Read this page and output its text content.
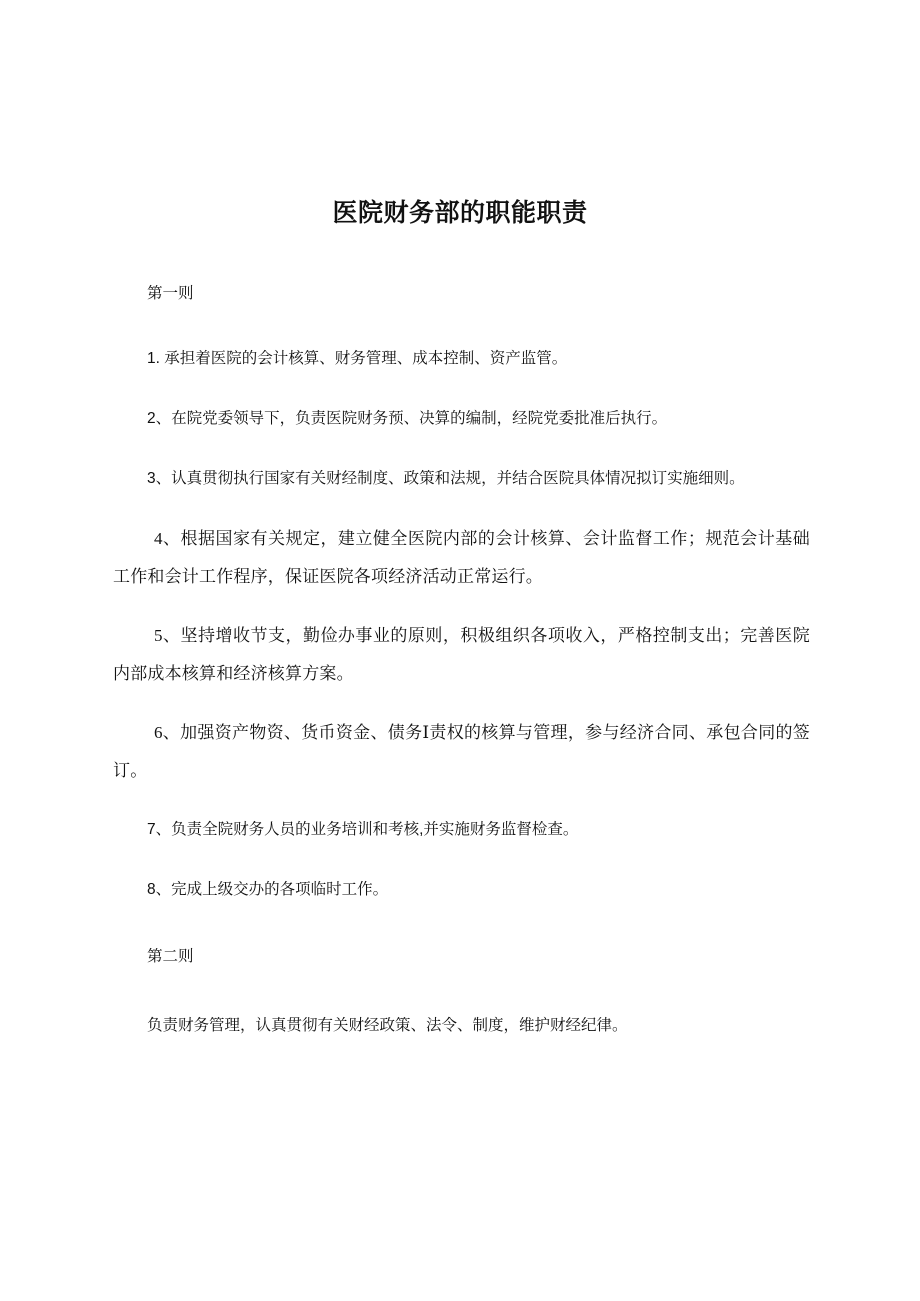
医院财务部的职能职责

第一则

1. 承担着医院的会计核算、财务管理、成本控制、资产监管。

2、在院党委领导下，负责医院财务预、决算的编制，经院党委批准后执行。

3、认真贯彻执行国家有关财经制度、政策和法规，并结合医院具体情况拟订实施细则。

4、根据国家有关规定，建立健全医院内部的会计核算、会计监督工作；规范会计基础工作和会计工作程序，保证医院各项经济活动正常运行。

5、坚持增收节支，勤俭办事业的原则，积极组织各项收入，严格控制支出；完善医院内部成本核算和经济核算方案。

6、加强资产物资、货币资金、债务Ⅰ责权的核算与管理，参与经济合同、承包合同的签订。

7、负责全院财务人员的业务培训和考核,并实施财务监督检查。

8、完成上级交办的各项临时工作。

第二则

负责财务管理，认真贯彻有关财经政策、法令、制度，维护财经纪律。
